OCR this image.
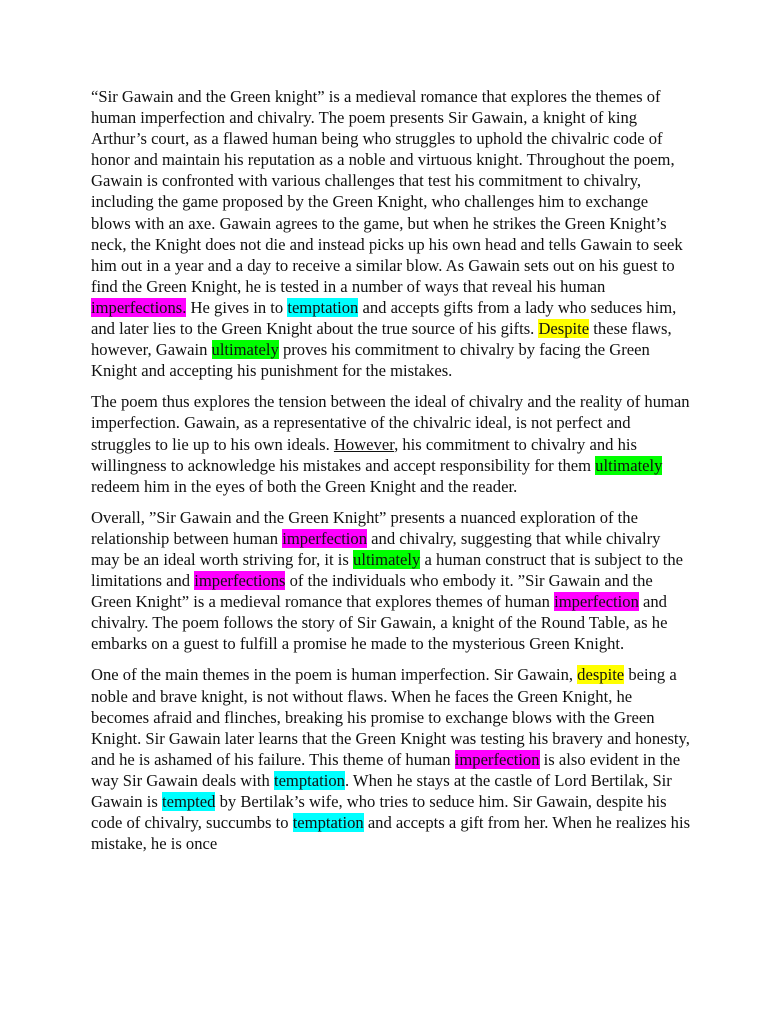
“Sir Gawain and the Green knight” is a medieval romance that explores the themes of human imperfection and chivalry. The poem presents Sir Gawain, a knight of king Arthur’s court, as a flawed human being who struggles to uphold the chivalric code of honor and maintain his reputation as a noble and virtuous knight. Throughout the poem, Gawain is confronted with various challenges that test his commitment to chivalry, including the game proposed by the Green Knight, who challenges him to exchange blows with an axe. Gawain agrees to the game, but when he strikes the Green Knight’s neck, the Knight does not die and instead picks up his own head and tells Gawain to seek him out in a year and a day to receive a similar blow. As Gawain sets out on his guest to find the Green Knight, he is tested in a number of ways that reveal his human imperfections. He gives in to temptation and accepts gifts from a lady who seduces him, and later lies to the Green Knight about the true source of his gifts. Despite these flaws, however, Gawain ultimately proves his commitment to chivalry by facing the Green Knight and accepting his punishment for the mistakes.

The poem thus explores the tension between the ideal of chivalry and the reality of human imperfection. Gawain, as a representative of the chivalric ideal, is not perfect and struggles to lie up to his own ideals. However, his commitment to chivalry and his willingness to acknowledge his mistakes and accept responsibility for them ultimately redeem him in the eyes of both the Green Knight and the reader.

Overall, ”Sir Gawain and the Green Knight” presents a nuanced exploration of the relationship between human imperfection and chivalry, suggesting that while chivalry may be an ideal worth striving for, it is ultimately a human construct that is subject to the limitations and imperfections of the individuals who embody it. ”Sir Gawain and the Green Knight” is a medieval romance that explores themes of human imperfection and chivalry. The poem follows the story of Sir Gawain, a knight of the Round Table, as he embarks on a guest to fulfill a promise he made to the mysterious Green Knight.

One of the main themes in the poem is human imperfection. Sir Gawain, despite being a noble and brave knight, is not without flaws. When he faces the Green Knight, he becomes afraid and flinches, breaking his promise to exchange blows with the Green Knight. Sir Gawain later learns that the Green Knight was testing his bravery and honesty, and he is ashamed of his failure. This theme of human imperfection is also evident in the way Sir Gawain deals with temptation. When he stays at the castle of Lord Bertilak, Sir Gawain is tempted by Bertilak’s wife, who tries to seduce him. Sir Gawain, despite his code of chivalry, succumbs to temptation and accepts a gift from her. When he realizes his mistake, he is once
